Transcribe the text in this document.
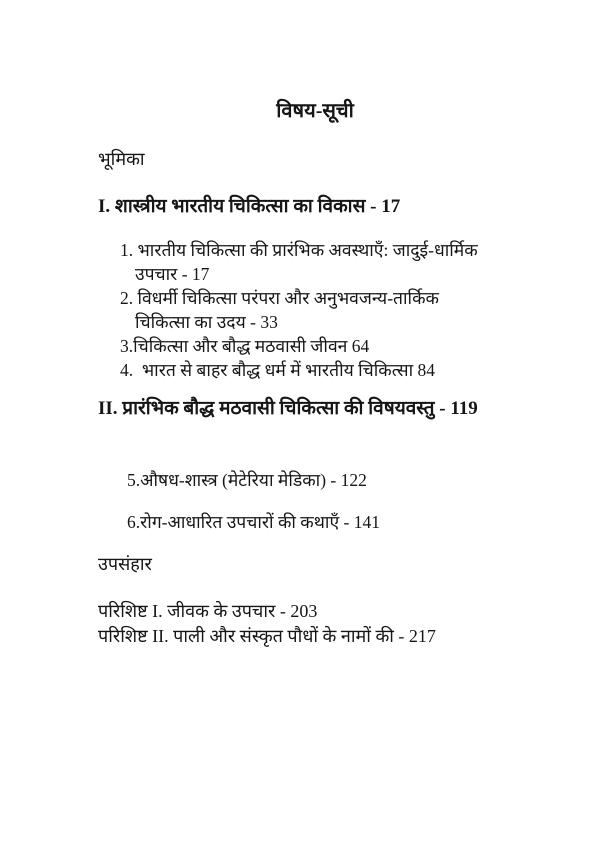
विषय-सूची
भूमिका
I. शास्त्रीय भारतीय चिकित्सा का विकास - 17
1. भारतीय चिकित्सा की प्रारंभिक अवस्थाएँ: जादुई-धार्मिक
उपचार - 17
2. विधर्मी चिकित्सा परंपरा और अनुभवजन्य-तार्किक
चिकित्सा का उदय - 33
3.चिकित्सा और बौद्ध मठवासी जीवन 64
4.  भारत से बाहर बौद्ध धर्म में भारतीय चिकित्सा 84
II. प्रारंभिक बौद्ध मठवासी चिकित्सा की विषयवस्तु - 119
5.औषध-शास्त्र (मेटेरिया मेडिका) - 122
6.रोग-आधारित उपचारों की कथाएँ - 141
उपसंहार
परिशिष्ट I. जीवक के उपचार - 203
परिशिष्ट II. पाली और संस्कृत पौधों के नामों की - 217
